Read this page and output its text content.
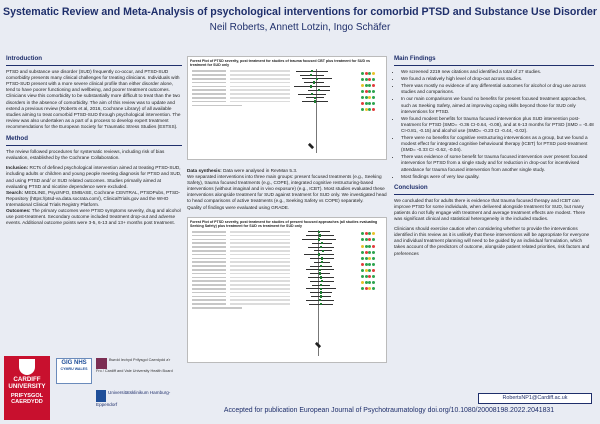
Systematic Review and Meta-Analysis of psychological interventions for comorbid PTSD and Substance Use Disorder
Neil Roberts, Annett Lotzin, Ingo Schäfer
Introduction

PTSD and substance use disorder (SUD) frequently co-occur, and PTSD-SUD comorbidity presents many clinical challenges for treating clinicians. Individuals with PTSD-SUD present with a more severe clinical profile than either disorder alone, tend to have poorer functioning and wellbeing, and poorer treatment outcomes. Clinicians view this comorbidity to be substantially more difficult to treat than the two disorders in the absence of comorbidity. The aim of this review was to update and extend a previous review (Roberts et al, 2016, Cochrane Library) of all available studies aiming to treat comorbid PTSD-SUD through psychological intervention. The review was also undertaken as a part of a process to develop expert treatment recommendations for the European Society for Traumatic Stress Studies (ESTSS).

Method

The review followed procedures for systematic reviews, including risk of bias evaluation, established by the Cochrane Collaboration.

Inclusion: RCTs of defined psychological intervention aimed at treating PTSD-SUD, including adults or children and young people meeting diagnosis for PTSD and SUD, and using PTSD and/ or SUD related outcomes. Studies primarily aimed at evaluating PTSD and nicotine dependence were excluded.

Search: MEDLINE, PsycINFO, EMBASE, Cochrane CENTRAL, PTSDPubs, PTSD-Repository (https://ptsd-va.data.socrata.com/), ClinicalTrials.gov and the WHO International Clinical Trials Registry Platform.

Outcomes: The primary outcomes were PTSD symptoms severity, drug and alcohol use post-treatment. Secondary outcome included treatment drop-out and adverse events. Additional outcome points were 3-5, 6-13 and 13+ months post treatment.

CARDIFF UNIVERSITY
PRIFYSGOL CAERDYDD
GIG NHS
CYMRU WALES
Bwrdd Iechyd Prifysgol Caerdydd a'r Fro / Cardiff and Vale University Health Board
Universitätsklinikum Hamburg-Eppendorf
Forest Plot of PTSD severity, post treatment for studies of trauma focused CBT plus treatment for SUD vs treatment for SUD only

Data synthesis: Data were analysed in RevMan 5.3.

We separated interventions into three main groups: present focused treatments (e.g., Seeking Safety), trauma focused treatments (e.g., COPE), integrated cognitive restructuring-based interventions (without imaginal and in vivo exposure) (e.g., ICBT). Most studies evaluated these interventions alongside treatment for SUD against treatment for SUD only. We investigated head to head comparisons of active treatments (e.g., Seeking Safety vs COPE) separately.

Quality of findings were evaluated using GRADE.

Forest Plot of PTSD severity, post treatment for studies of present focused approaches (all studies evaluating Seeking Safety) plus treatment for SUD vs treatment for SUD only
Main Findings
• We screened 2219 new citations and identified a total of 27 studies.
• We found a relatively high level of drop-out across studies.
• There was mostly no evidence of any differential outcomes for alcohol or drug use across studies and comparisons.
• In our main comparisons we found no benefits for present focused treatment approaches, such as Seeking Safety, aimed at improving coping skills beyond those for SUD only interventions for PTSD.
• We found modest benefits for trauma focused intervention plus SUD intervention post-treatment for PTSD (SMD= -0.36 CI-0.64, -0.08), and at 6-13 months for PTSD (SMD = -0.48 CI-0.81, -0.15) and alcohol use (SMD= -0.23 CI -0.44, -0.02).
• There were no benefits for cognitive restructuring interventions as a group, but we found a modest effect for integrated cognitive behavioural therapy (ICBT) for PTSD post-treatment (SMD= -0.33 CI -0.62, -0.04).
• There was evidence of some benefit for trauma focused intervention over present focused intervention for PTSD from a single study and for reduction in drop-out for incentivised attendance for trauma focused intervention from another single study.
• Most findings were of very low quality.
Conclusion

We concluded that for adults there is evidence that trauma focused therapy and ICBT can improve PTSD for some individuals, when delivered alongside treatment for SUD, but many patients do not fully engage with treatment and average treatment effects are modest. There was significant clinical and statistical heterogeneity in the included studies.

Clinicians should exercise caution when considering whether to provide the interventions identified in this review as it is unlikely that these interventions will be appropriate for everyone and individual treatment planning will need to be guided by an individual formulation, which takes account of the predictors of outcome, alongside patient related priorities, risk factors and preferences

RobertsNP1@Cardiff.ac.uk
Accepted for publication European Journal of Psychotraumatology doi.org/10.1080/20008198.2022.2041831
